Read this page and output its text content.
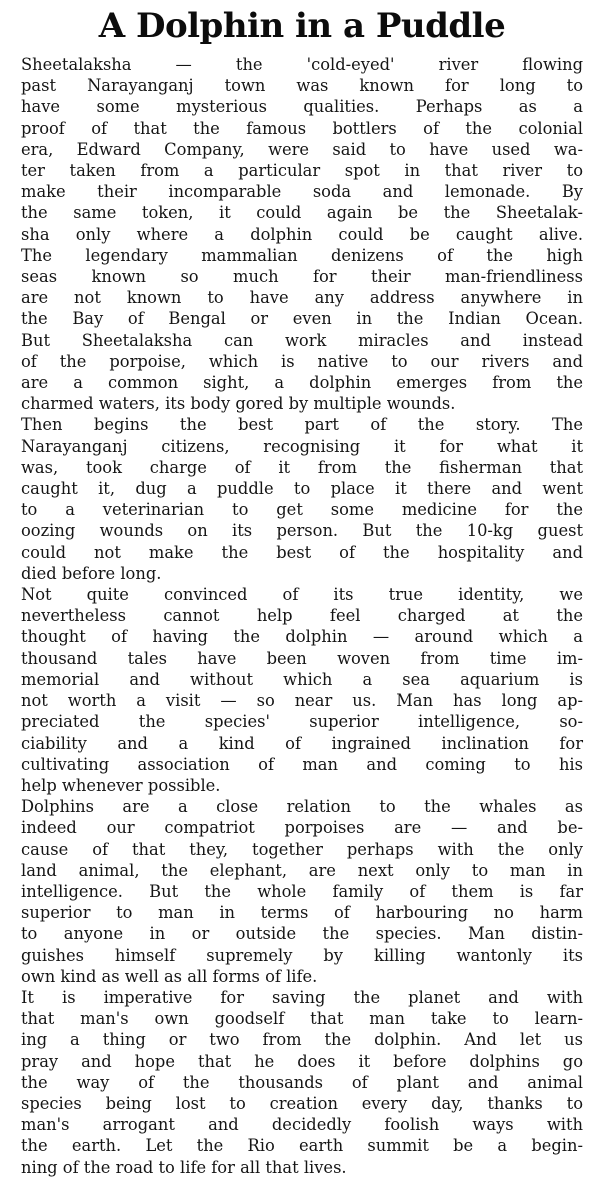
A Dolphin in a Puddle
Sheetalaksha — the 'cold-eyed' river flowing
past Narayanganj town was known for long to
have some mysterious qualities. Perhaps as a
proof of that the famous bottlers of the colonial
era, Edward Company, were said to have used wa-
ter taken from a particular spot in that river to
make their incomparable soda and lemonade. By
the same token, it could again be the Sheetalak-
sha only where a dolphin could be caught alive.
The legendary mammalian denizens of the high
seas known so much for their man-friendliness
are not known to have any address anywhere in
the Bay of Bengal or even in the Indian Ocean.
But Sheetalaksha can work miracles and instead
of the porpoise, which is native to our rivers and
are a common sight, a dolphin emerges from the
charmed waters, its body gored by multiple wounds.
Then begins the best part of the story. The
Narayanganj citizens, recognising it for what it
was, took charge of it from the fisherman that
caught it, dug a puddle to place it there and went
to a veterinarian to get some medicine for the
oozing wounds on its person. But the 10-kg guest
could not make the best of the hospitality and
died before long.
Not quite convinced of its true identity, we
nevertheless cannot help feel charged at the
thought of having the dolphin — around which a
thousand tales have been woven from time im-
memorial and without which a sea aquarium is
not worth a visit — so near us. Man has long ap-
preciated the species' superior intelligence, so-
ciability and a kind of ingrained inclination for
cultivating association of man and coming to his
help whenever possible.
Dolphins are a close relation to the whales as
indeed our compatriot porpoises are — and be-
cause of that they, together perhaps with the only
land animal, the elephant, are next only to man in
intelligence. But the whole family of them is far
superior to man in terms of harbouring no harm
to anyone in or outside the species. Man distin-
guishes himself supremely by killing wantonly its
own kind as well as all forms of life.
It is imperative for saving the planet and with
that man's own goodself that man take to learn-
ing a thing or two from the dolphin. And let us
pray and hope that he does it before dolphins go
the way of the thousands of plant and animal
species being lost to creation every day, thanks to
man's arrogant and decidedly foolish ways with
the earth. Let the Rio earth summit be a begin-
ning of the road to life for all that lives.
